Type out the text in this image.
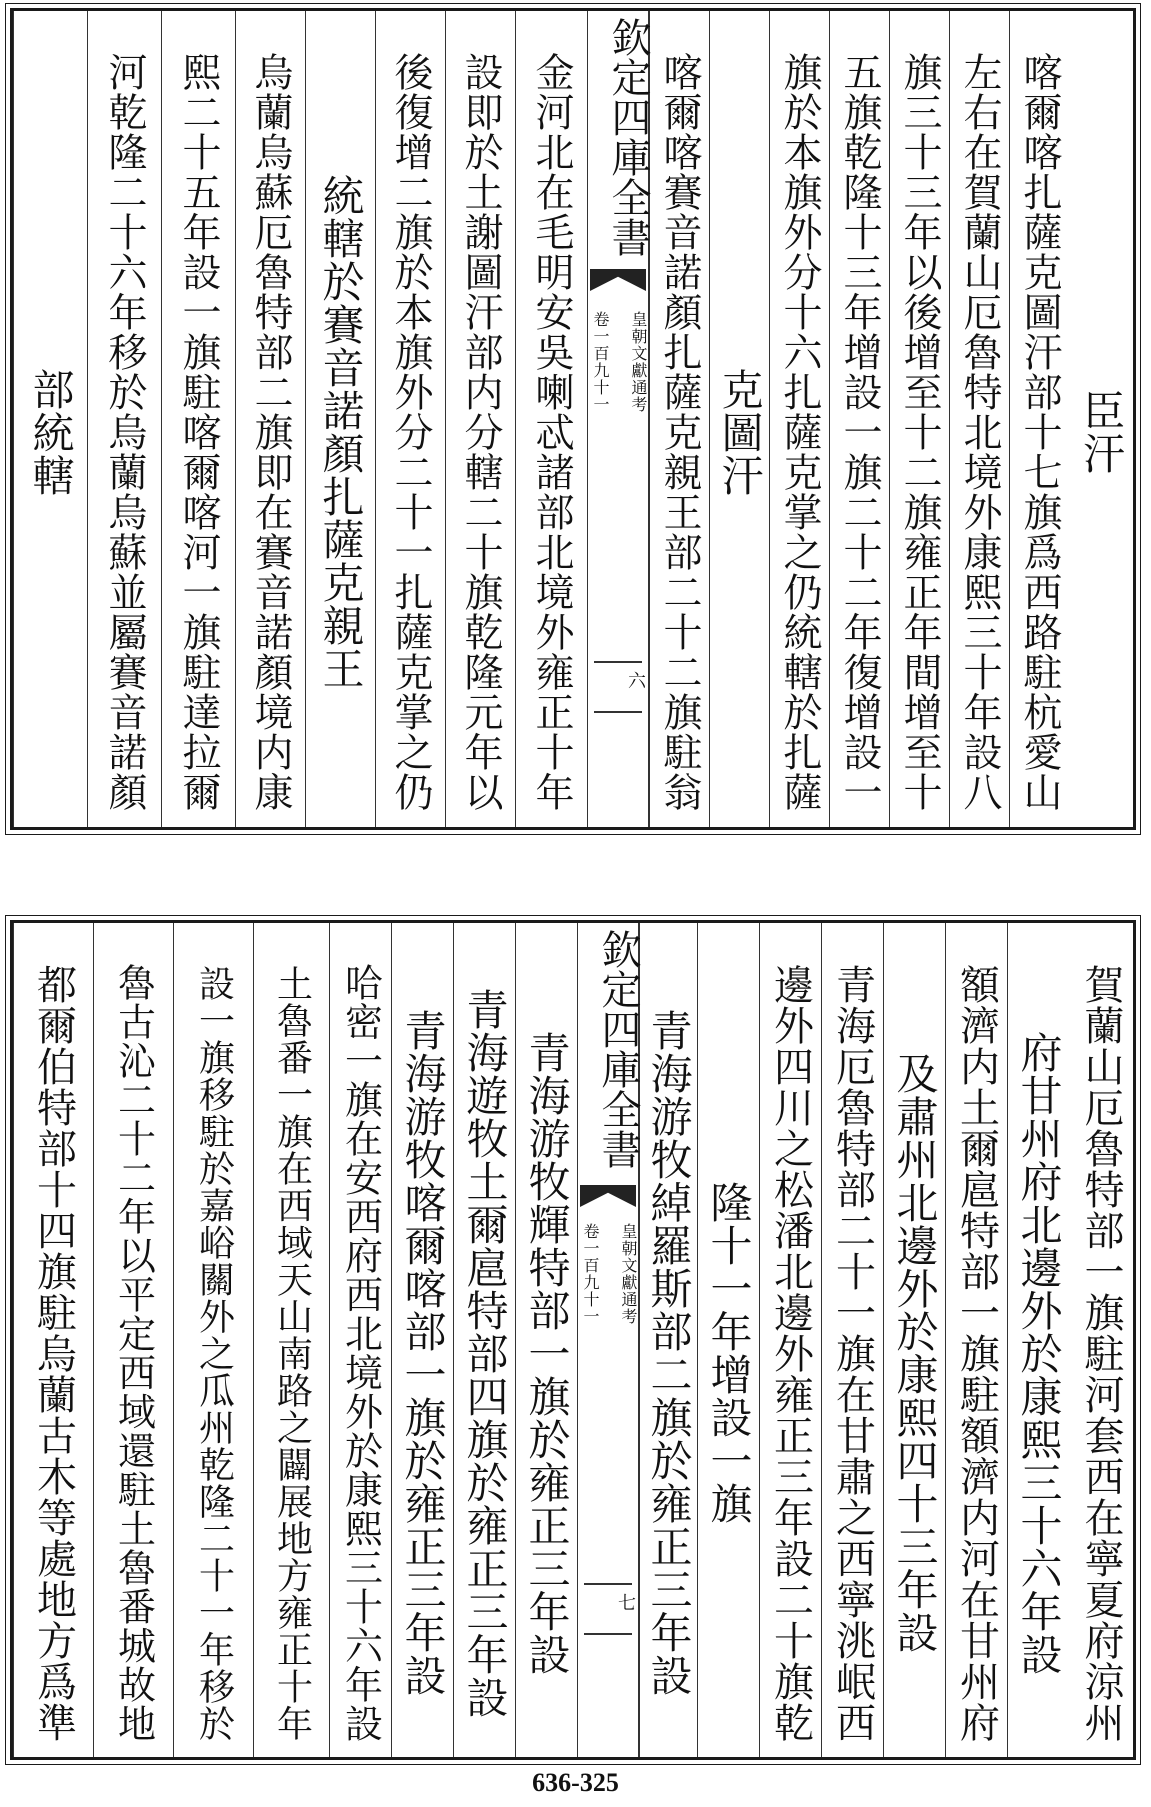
臣汗
喀爾喀扎薩克圖汗部十七旗爲西路駐杭愛山
左右在賀蘭山厄魯特北境外康熙三十年設八
旗三十三年以後增至十二旗雍正年間增至十
五旗乾隆十三年增設一旗二十二年復增設一
旗於本旗外分十六扎薩克掌之仍統轄於扎薩
克圖汗
喀爾喀賽音諾顏扎薩克親王部二十二旗駐翁
欽定四庫全書
皇朝文獻通考
卷一百九十一
六
金河北在毛明安吳喇忒諸部北境外雍正十年
設即於土謝圖汗部内分轄二十旗乾隆元年以
後復增二旗於本旗外分二十一扎薩克掌之仍
統轄於賽音諾顏扎薩克親王
烏蘭烏蘇厄魯特部二旗即在賽音諾顏境内康
熙二十五年設一旗駐喀爾喀河一旗駐達拉爾
河乾隆二十六年移於烏蘭烏蘇並屬賽音諾顏
部統轄
賀蘭山厄魯特部一旗駐河套西在寧夏府涼州
府甘州府北邊外於康熙三十六年設
額濟内土爾扈特部一旗駐額濟内河在甘州府
及肅州北邊外於康熙四十三年設
青海厄魯特部二十一旗在甘肅之西寧洮岷西
邊外四川之松潘北邊外雍正三年設二十旗乾
隆十一年增設一旗
青海游牧綽羅斯部二旗於雍正三年設
欽定四庫全書
皇朝文獻通考
卷一百九十一
七
青海游牧輝特部一旗於雍正三年設
青海遊牧土爾扈特部四旗於雍正三年設
青海游牧喀爾喀部一旗於雍正三年設
哈密一旗在安西府西北境外於康熙三十六年設
土魯番一旗在西域天山南路之闢展地方雍正十年
設一旗移駐於嘉峪關外之瓜州乾隆二十一年移於
魯古沁二十二年以平定西域還駐土魯番城故地
都爾伯特部十四旗駐烏蘭古木等處地方爲準
636-325
